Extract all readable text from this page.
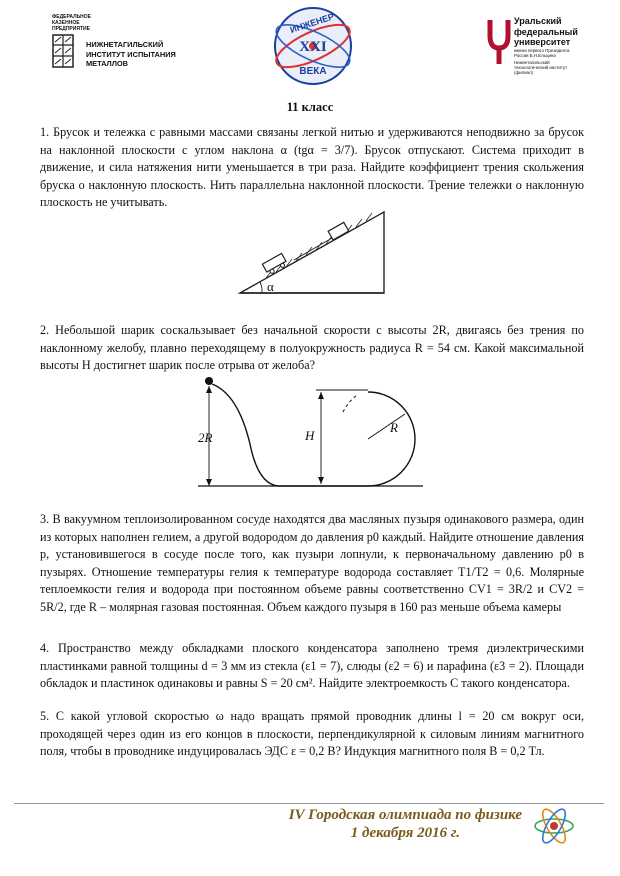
ФЕДЕРАЛЬНОЕ КАЗЕННОЕ ПРЕДПРИЯТИЕ
НИЖНЕТАГИЛЬСКИЙ
ИНСТИТУТ ИСПЫТАНИЯ
МЕТАЛЛОВ
ИНЖЕНЕР
XXI
ВЕКА
Уральский
федеральный
университет
имени первого Президента России Б.Н.Ельцина
Нижнетагильский технологический институт (филиал)
11 класс

1. Брусок и тележка с равными массами связаны легкой нитью и удерживаются неподвижно за брусок на наклонной плоскости с углом наклона α (tgα = 3/7). Брусок отпускают. Система приходит в движение, и сила натяжения нити уменьшается в три раза. Найдите коэффициент трения скольжения бруска о наклонную плоскость. Нить параллельна наклонной плоскости. Трение тележки о наклонную плоскость не учитывать.

α

2. Небольшой шарик соскальзывает без начальной скорости с высоты 2R, двигаясь без трения по наклонному желобу, плавно переходящему в полуокружность радиуса R = 54 см. Какой максимальной высоты H достигнет шарик после отрыва от желоба?

2R	H
R

3. В вакуумном теплоизолированном сосуде находятся два масляных пузыря одинакового размера, один из которых наполнен гелием, а другой водородом до давления p0 каждый. Найдите отношение давления p, установившегося в сосуде после того, как пузыри лопнули, к первоначальному давлению p0 в пузырях. Отношение температуры гелия к температуре водорода составляет T1/T2 = 0,6. Молярные теплоемкости гелия и водорода при постоянном объеме равны соответственно CV1 = 3R/2 и CV2 = 5R/2, где R – молярная газовая постоянная. Объем каждого пузыря в 160 раз меньше объема камеры

4. Пространство между обкладками плоского конденсатора заполнено тремя диэлектрическими пластинками равной толщины d = 3 мм из стекла (ε1 = 7), слюды (ε2 = 6) и парафина (ε3 = 2). Площади обкладок и пластинок одинаковы и равны S = 20 см². Найдите электроемкость C такого конденсатора.

5. С какой угловой скоростью ω надо вращать прямой проводник длины l = 20 см вокруг оси, проходящей через один из его концов в плоскости, перпендикулярной к силовым линиям магнитного поля, чтобы в проводнике индуцировалась ЭДС ε = 0,2 В? Индукция магнитного поля B = 0,2 Тл.

IV Городская олимпиада по физике
1 декабря 2016 г.
